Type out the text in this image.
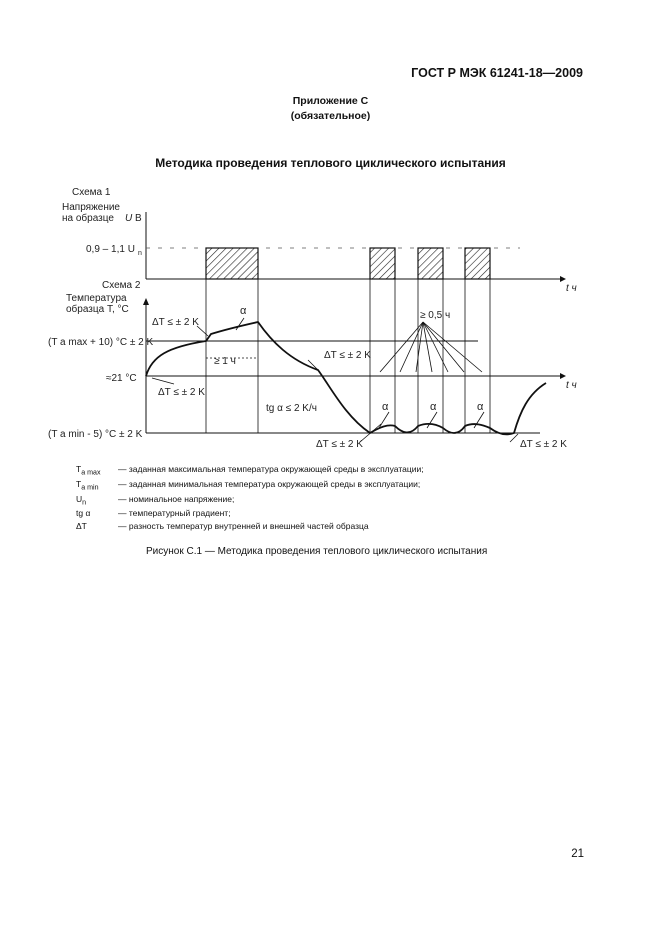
ГОСТ Р МЭК 61241-18—2009
Приложение С
(обязательное)
Методика проведения теплового циклического испытания
Схема 1
Напряжение
на образце U В
0,9 – 1,1 U n
t ч
Схема 2
Температура
образца T, °C
(T a max + 10) °C ± 2 K
≈21 °C
t ч
(T a min - 5) °C ± 2 K
ΔT ≤ ± 2 K
α
≥ 1 ч
ΔT ≤ ± 2 K
ΔT ≤ ± 2 K
≥ 0,5 ч
tg α ≤ 2 K/ч	α	α	α
ΔT ≤ ± 2 K	ΔT ≤ ± 2 K
$T_{a max}$ — заданная максимальная температура окружающей среды в эксплуатации;
$T_{a min}$ — заданная минимальная температура окружающей среды в эксплуатации;
$U_n$	— номинальное напряжение;
tg α	— температурный градиент;
ΔT	— разность температур внутренней и внешней частей образца
Рисунок С.1 — Методика проведения теплового циклического испытания
21
